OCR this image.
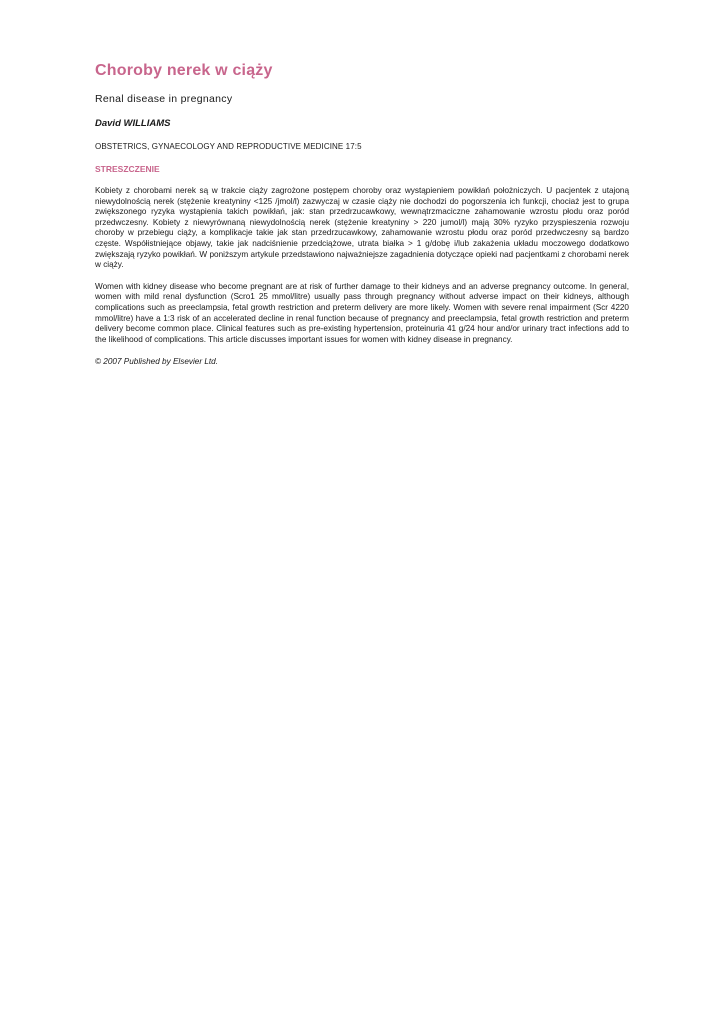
Choroby nerek w ciąży
Renal disease in pregnancy
David WILLIAMS
OBSTETRICS, GYNAECOLOGY AND REPRODUCTIVE MEDICINE 17:5
STRESZCZENIE

Kobiety z chorobami nerek są w trakcie ciąży zagrożone postępem choroby oraz wystąpieniem powikłań położniczych. U pacjentek z utajoną niewydolnością nerek (stężenie kreatyniny <125 /jmol/l) zazwyczaj w czasie ciąży nie dochodzi do pogorszenia ich funkcji, chociaż jest to grupa zwiększonego ryzyka wystąpienia takich powikłań, jak: stan przedrzucawkowy, wewnątrzmaciczne zahamowanie wzrostu płodu oraz poród przedwczesny. Kobiety z niewyrównaną niewydolnością nerek (stężenie kreatyniny > 220 jumol/l) mają 30% ryzyko przyspieszenia rozwoju choroby w przebiegu ciąży, a komplikacje takie jak stan przedrzucawkowy, zahamowanie wzrostu płodu oraz poród przedwczesny są bardzo częste. Współistniejące objawy, takie jak nadciśnienie przedciążowe, utrata białka > 1 g/dobę i/lub zakażenia układu moczowego dodatkowo zwiększają ryzyko powikłań. W poniższym artykule przedstawiono najważniejsze zagadnienia dotyczące opieki nad pacjentkami z chorobami nerek w ciąży.

Women with kidney disease who become pregnant are at risk of further damage to their kidneys and an adverse pregnancy outcome. In general, women with mild renal dysfunction (Scro1 25 mmol/litre) usually pass through pregnancy without adverse impact on their kidneys, although complications such as preeclampsia, fetal growth restriction and preterm delivery are more likely. Women with severe renal impairment (Scr 4220 mmol/litre) have a 1:3 risk of an accelerated decline in renal function because of pregnancy and preeclampsia, fetal growth restriction and preterm delivery become common place. Clinical features such as pre-existing hypertension, proteinuria 41 g/24 hour and/or urinary tract infections add to the likelihood of complications. This article discusses important issues for women with kidney disease in pregnancy.

© 2007 Published by Elsevier Ltd.
